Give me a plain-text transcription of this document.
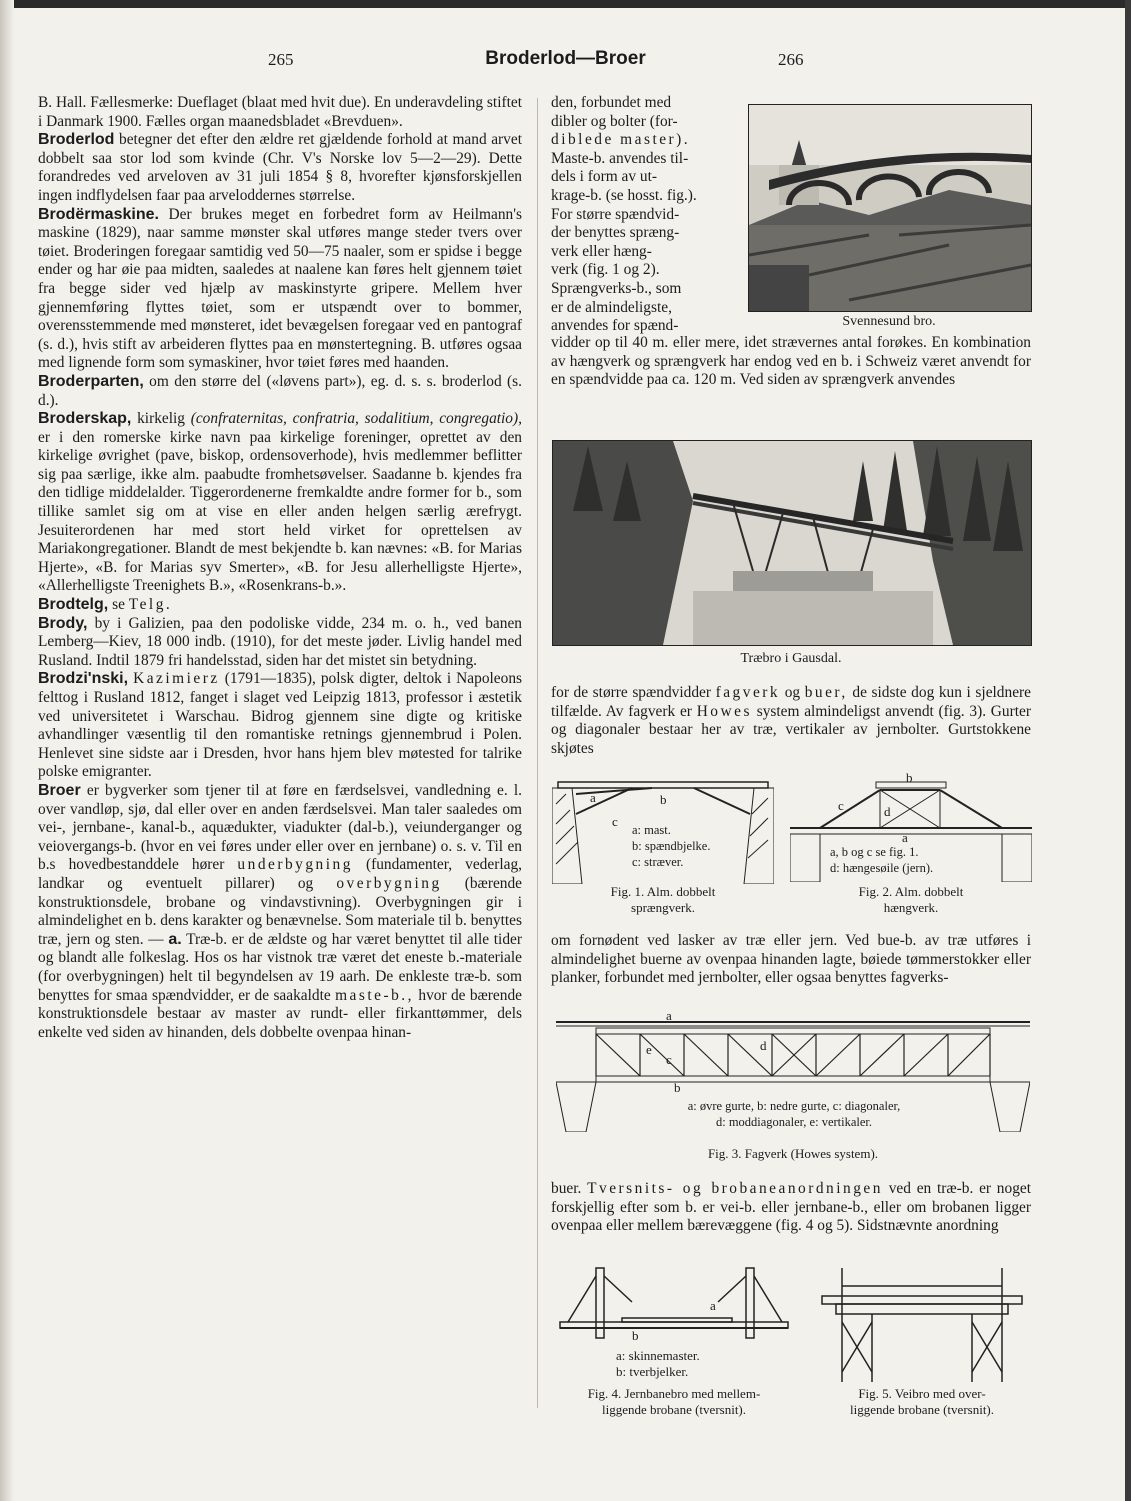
265	Broderlod—Broer	266

B. Hall. Fællesmerke: Dueflaget (blaat med hvit due). En underavdeling stiftet i Danmark 1900. Fælles organ maanedsbladet «Brevduen».

Broderlod betegner det efter den ældre ret gjældende forhold at mand arvet dobbelt saa stor lod som kvinde (Chr. V's Norske lov 5—2—29). Dette forandredes ved arveloven av 31 juli 1854 § 8, hvorefter kjønsforskjellen ingen indflydelsen faar paa arveloddernes størrelse.

Brodërmaskine. Der brukes meget en forbedret form av Heilmann's maskine (1829), naar samme mønster skal utføres mange steder tvers over tøiet. Broderingen foregaar samtidig ved 50—75 naaler, som er spidse i begge ender og har øie paa midten, saaledes at naalene kan føres helt gjennem tøiet fra begge sider ved hjælp av maskinstyrte gripere. Mellem hver gjennemføring flyttes tøiet, som er utspændt over to bommer, overensstemmende med mønsteret, idet bevægelsen foregaar ved en pantograf (s. d.), hvis stift av arbeideren flyttes paa en mønstertegning. B. utføres ogsaa med lignende form som symaskiner, hvor tøiet føres med haanden.

Broderparten, om den større del («løvens part»), eg. d. s. s. broderlod (s. d.).

Broderskap, kirkelig (confraternitas, confratria, sodalitium, congregatio), er i den romerske kirke navn paa kirkelige foreninger, oprettet av den kirkelige øvrighet (pave, biskop, ordensoverhode), hvis medlemmer beflitter sig paa særlige, ikke alm. paabudte fromhetsøvelser. Saadanne b. kjendes fra den tidlige middelalder. Tiggerordenerne fremkaldte andre former for b., som tillike samlet sig om at vise en eller anden helgen særlig ærefrygt. Jesuiterordenen har med stort held virket for oprettelsen av Mariakongregationer. Blandt de mest bekjendte b. kan nævnes: «B. for Marias Hjerte», «B. for Marias syv Smerter», «B. for Jesu allerhelligste Hjerte», «Allerhelligste Treenighets B.», «Rosenkrans-b.».

Brodtelg, se Telg.

Brody, by i Galizien, paa den podoliske vidde, 234 m. o. h., ved banen Lemberg—Kiev, 18 000 indb. (1910), for det meste jøder. Livlig handel med Rusland. Indtil 1879 fri handelsstad, siden har det mistet sin betydning.

Brodzi'nski, Kazimierz (1791—1835), polsk digter, deltok i Napoleons felttog i Rusland 1812, fanget i slaget ved Leipzig 1813, professor i æstetik ved universitetet i Warschau. Bidrog gjennem sine digte og kritiske avhandlinger væsentlig til den romantiske retnings gjennembrud i Polen. Henlevet sine sidste aar i Dresden, hvor hans hjem blev møtested for talrike polske emigranter.

Broer er bygverker som tjener til at føre en færdselsvei, vandledning e. l. over vandløp, sjø, dal eller over en anden færdselsvei. Man taler saaledes om vei-, jernbane-, kanal-b., aquædukter, viadukter (dal-b.), veiunderganger og veiovergangs-b. (hvor en vei føres under eller over en jernbane) o. s. v. Til en b.s hovedbestanddele hører underbygning (fundamenter, vederlag, landkar og eventuelt pillarer) og overbygning (bærende konstruktionsdele, brobane og vindavstivning). Overbygningen gir i almindelighet en b. dens karakter og benævnelse. Som materiale til b. benyttes træ, jern og sten. — a. Træ-b. er de ældste og har været benyttet til alle tider og blandt alle folkeslag. Hos os har vistnok træ været det eneste b.-materiale (for overbygningen) helt til begyndelsen av 19 aarh. De enkleste træ-b. som benyttes for smaa spændvidder, er de saakaldte maste-b., hvor de bærende konstruktionsdele bestaar av master av rundt- eller firkanttømmer, dels enkelte ved siden av hinanden, dels dobbelte ovenpaa hinan-

den, forbundet med
dibler og bolter (for-
diblede master).
Maste-b. anvendes til-
dels i form av ut-
krage-b. (se hosst. fig.).
For større spændvid-
der benyttes spræng-
verk eller hæng-
verk (fig. 1 og 2).
Sprængverks-b., som
er de almindeligste,
anvendes for spænd-	Svennesund bro.
vidder op til 40 m. eller mere, idet strævernes antal forøkes. En kombination av hængverk og sprængverk har endog ved en b. i Schweiz været anvendt for en spændvidde paa ca. 120 m. Ved siden av sprængverk anvendes
Træbro i Gausdal.
for de større spændvidder fagverk og buer, de sidste dog kun i sjeldnere tilfælde. Av fagverk er Howes system almindeligst anvendt (fig. 3). Gurter og diagonaler bestaar her av træ, vertikaler av jernbolter. Gurtstokkene skjøtes
a	b
c
a: mast.
b: spændbjelke.
c: stræver.
Fig. 1. Alm. dobbelt
sprængverk.
b
c	d
a
a, b og c se fig. 1.
d: hængesøile (jern).
Fig. 2. Alm. dobbelt
hængverk.
om fornødent ved lasker av træ eller jern. Ved bue-b. av træ utføres i almindelighet buerne av ovenpaa hinanden lagte, bøiede tømmerstokker eller planker, forbundet med jernbolter, eller ogsaa benyttes fagverks-
a
b
c
d
e
a: øvre gurte, b: nedre gurte, c: diagonaler,
d: moddiagonaler, e: vertikaler.
Fig. 3. Fagverk (Howes system).
buer. Tversnits- og brobaneanordningen ved en træ-b. er noget forskjellig efter som b. er vei-b. eller jernbane-b., eller om brobanen ligger ovenpaa eller mellem bærevæggene (fig. 4 og 5). Sidstnævnte anordning
a
b
a: skinnemaster.
b: tverbjelker.
Fig. 4. Jernbanebro med mellem-
liggende brobane (tversnit).
Fig. 5. Veibro med over-
liggende brobane (tversnit).
